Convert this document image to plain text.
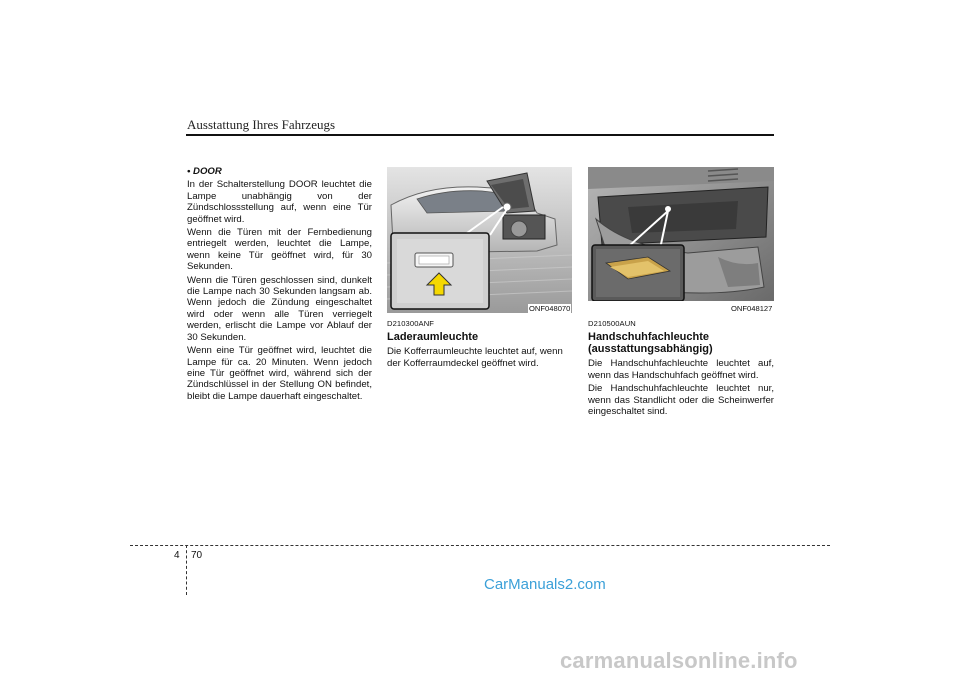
Ausstattung Ihres Fahrzeugs

• DOOR

In der Schalterstellung DOOR leuchtet die Lampe unabhängig von der Zündschlossstellung auf, wenn eine Tür geöffnet wird.

Wenn die Türen mit der Fernbedienung entriegelt werden, leuchtet die Lampe, wenn keine Tür geöffnet wird, für 30 Sekunden.

Wenn die Türen geschlossen sind, dunkelt die Lampe nach 30 Sekunden langsam ab. Wenn jedoch die Zündung eingeschaltet wird oder wenn alle Türen verriegelt werden, erlischt die Lampe vor Ablauf der 30 Sekunden.

Wenn eine Tür geöffnet wird, leuchtet die Lampe für ca. 20 Minuten. Wenn jedoch eine Tür geöffnet wird, während sich der Zündschlüssel in der Stellung ON befindet, bleibt die Lampe dauerhaft eingeschaltet.

ONF048070
D210300ANF
Laderaumleuchte

Die Kofferraumleuchte leuchtet auf, wenn der Kofferraumdeckel geöffnet wird.

ONF048127
D210500AUN
Handschuhfachleuchte (ausstattungsabhängig)

Die Handschuhfachleuchte leuchtet auf, wenn das Handschuhfach geöffnet wird.

Die Handschuhfachleuchte leuchtet nur, wenn das Standlicht oder die Scheinwerfer eingeschaltet sind.

4 70
CarManuals2.com
carmanualsonline.info
